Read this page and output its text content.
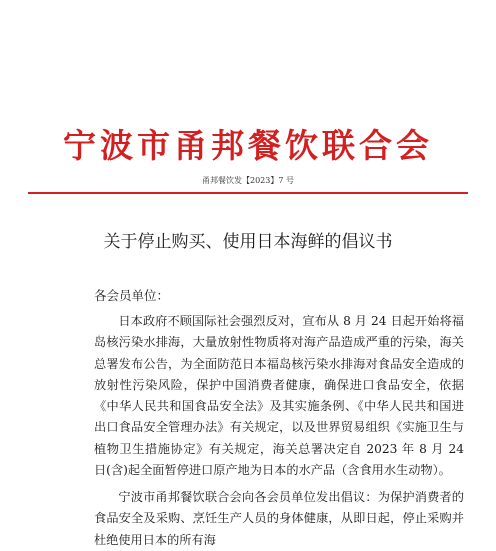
宁波市甬邦餐饮联合会
甬邦餐饮发【2023】7 号
关于停止购买、使用日本海鲜的倡议书
各会员单位：
日本政府不顾国际社会强烈反对，宣布从 8 月 24 日起开始将福岛核污染水排海，大量放射性物质将对海产品造成严重的污染，海关总署发布公告，为全面防范日本福岛核污染水排海对食品安全造成的放射性污染风险，保护中国消费者健康，确保进口食品安全，依据《中华人民共和国食品安全法》及其实施条例、《中华人民共和国进出口食品安全管理办法》有关规定，以及世界贸易组织《实施卫生与植物卫生措施协定》有关规定，海关总署决定自 2023 年 8 月 24 日(含)起全面暂停进口原产地为日本的水产品（含食用水生动物）。
宁波市甬邦餐饮联合会向各会员单位发出倡议：为保护消费者的食品安全及采购、烹饪生产人员的身体健康，从即日起，停止采购并杜绝使用日本的所有海
